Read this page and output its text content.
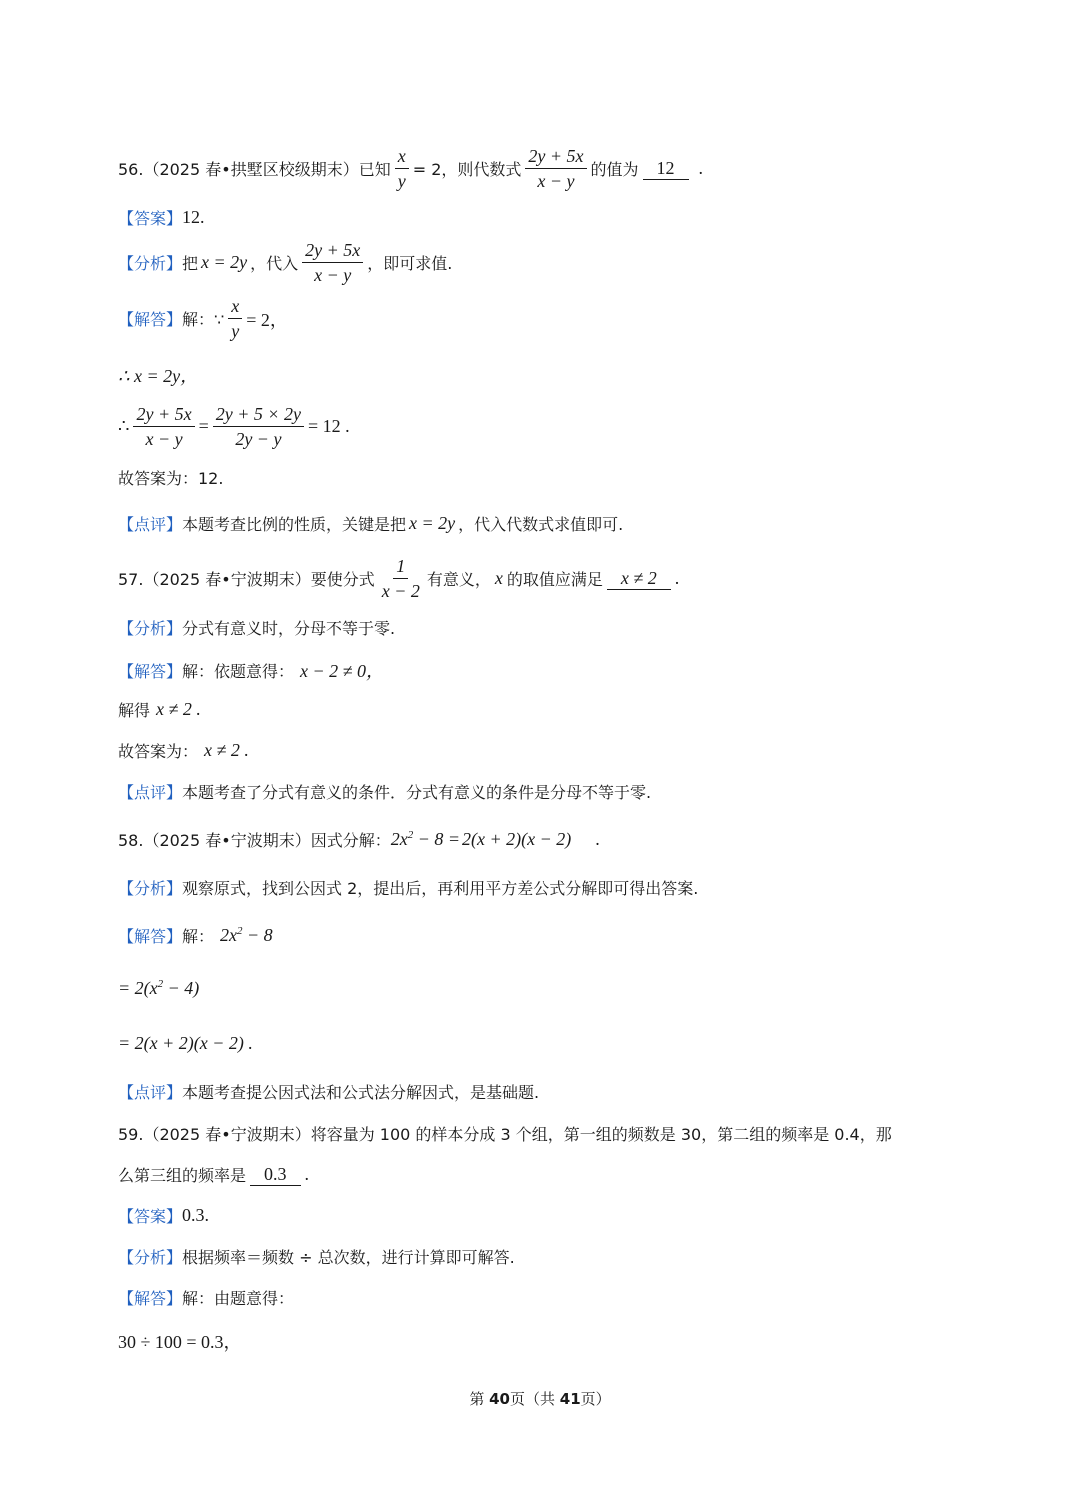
56.（2025 春•拱墅区校级期末）已知 $\frac{x}{y} = 2$，则代数式 $\frac{2y + 5x}{x - y}$ 的值为	12	.
【答案】 12.
【分析】 把 x = 2y ，代入 $\frac{2y + 5x}{x - y}$ ，即可求值.
【解答】 解：∵ $\frac{x}{y} = 2$，
∴ x = 2y，
∴ $\frac{2y + 5x}{x - y} = \frac{2y + 5 \times 2y}{2y - y} = 12$ .
故答案为：12.
【点评】 本题考查比例的性质，关键是把 x = 2y ，代入代数式求值即可.
57.（2025 春•宁波期末）要使分式 $\frac{1}{x - 2}$ 有意义， x 的取值应满足	x ≠ 2	.
【分析】 分式有意义时，分母不等于零.
【解答】 解：依题意得： x − 2 ≠ 0，
解得 x ≠ 2 .
故答案为： x ≠ 2 .
【点评】 本题考查了分式有意义的条件．分式有意义的条件是分母不等于零.
58.（2025 春•宁波期末）因式分解： $2x^2 - 8 = 2(x + 2)(x - 2)$ .
【分析】 观察原式，找到公因式 2，提出后，再利用平方差公式分解即可得出答案.
【解答】 解： $2x^2 - 8$
= $2(x^2 - 4)$
= 2(x + 2)(x − 2) .
【点评】 本题考查提公因式法和公式法分解因式，是基础题.
59.（2025 春•宁波期末）将容量为 100 的样本分成 3 个组，第一组的频数是 30，第二组的频率是 0.4，那
么第三组的频率是	0.3	.
【答案】 0.3.
【分析】 根据频率＝频数 ÷ 总次数，进行计算即可解答.
【解答】 解：由题意得：
30 ÷ 100 = 0.3，
第 40页（共 41页）
